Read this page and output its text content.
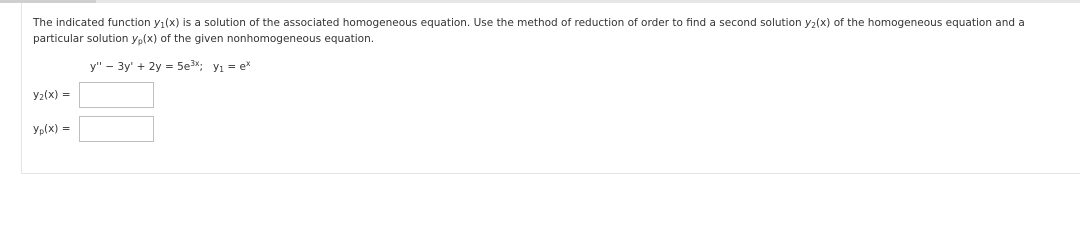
The indicated function $y_1(x)$ is a solution of the associated homogeneous equation. Use the method of reduction of order to find a second solution $y_2(x)$ of the homogeneous equation and a particular solution $y_p(x)$ of the given nonhomogeneous equation.
$y'' - 3y' + 2y = 5e^{3x}$; $y_1 = e^x$
$y_2(x)$ =
$y_p(x)$ =
